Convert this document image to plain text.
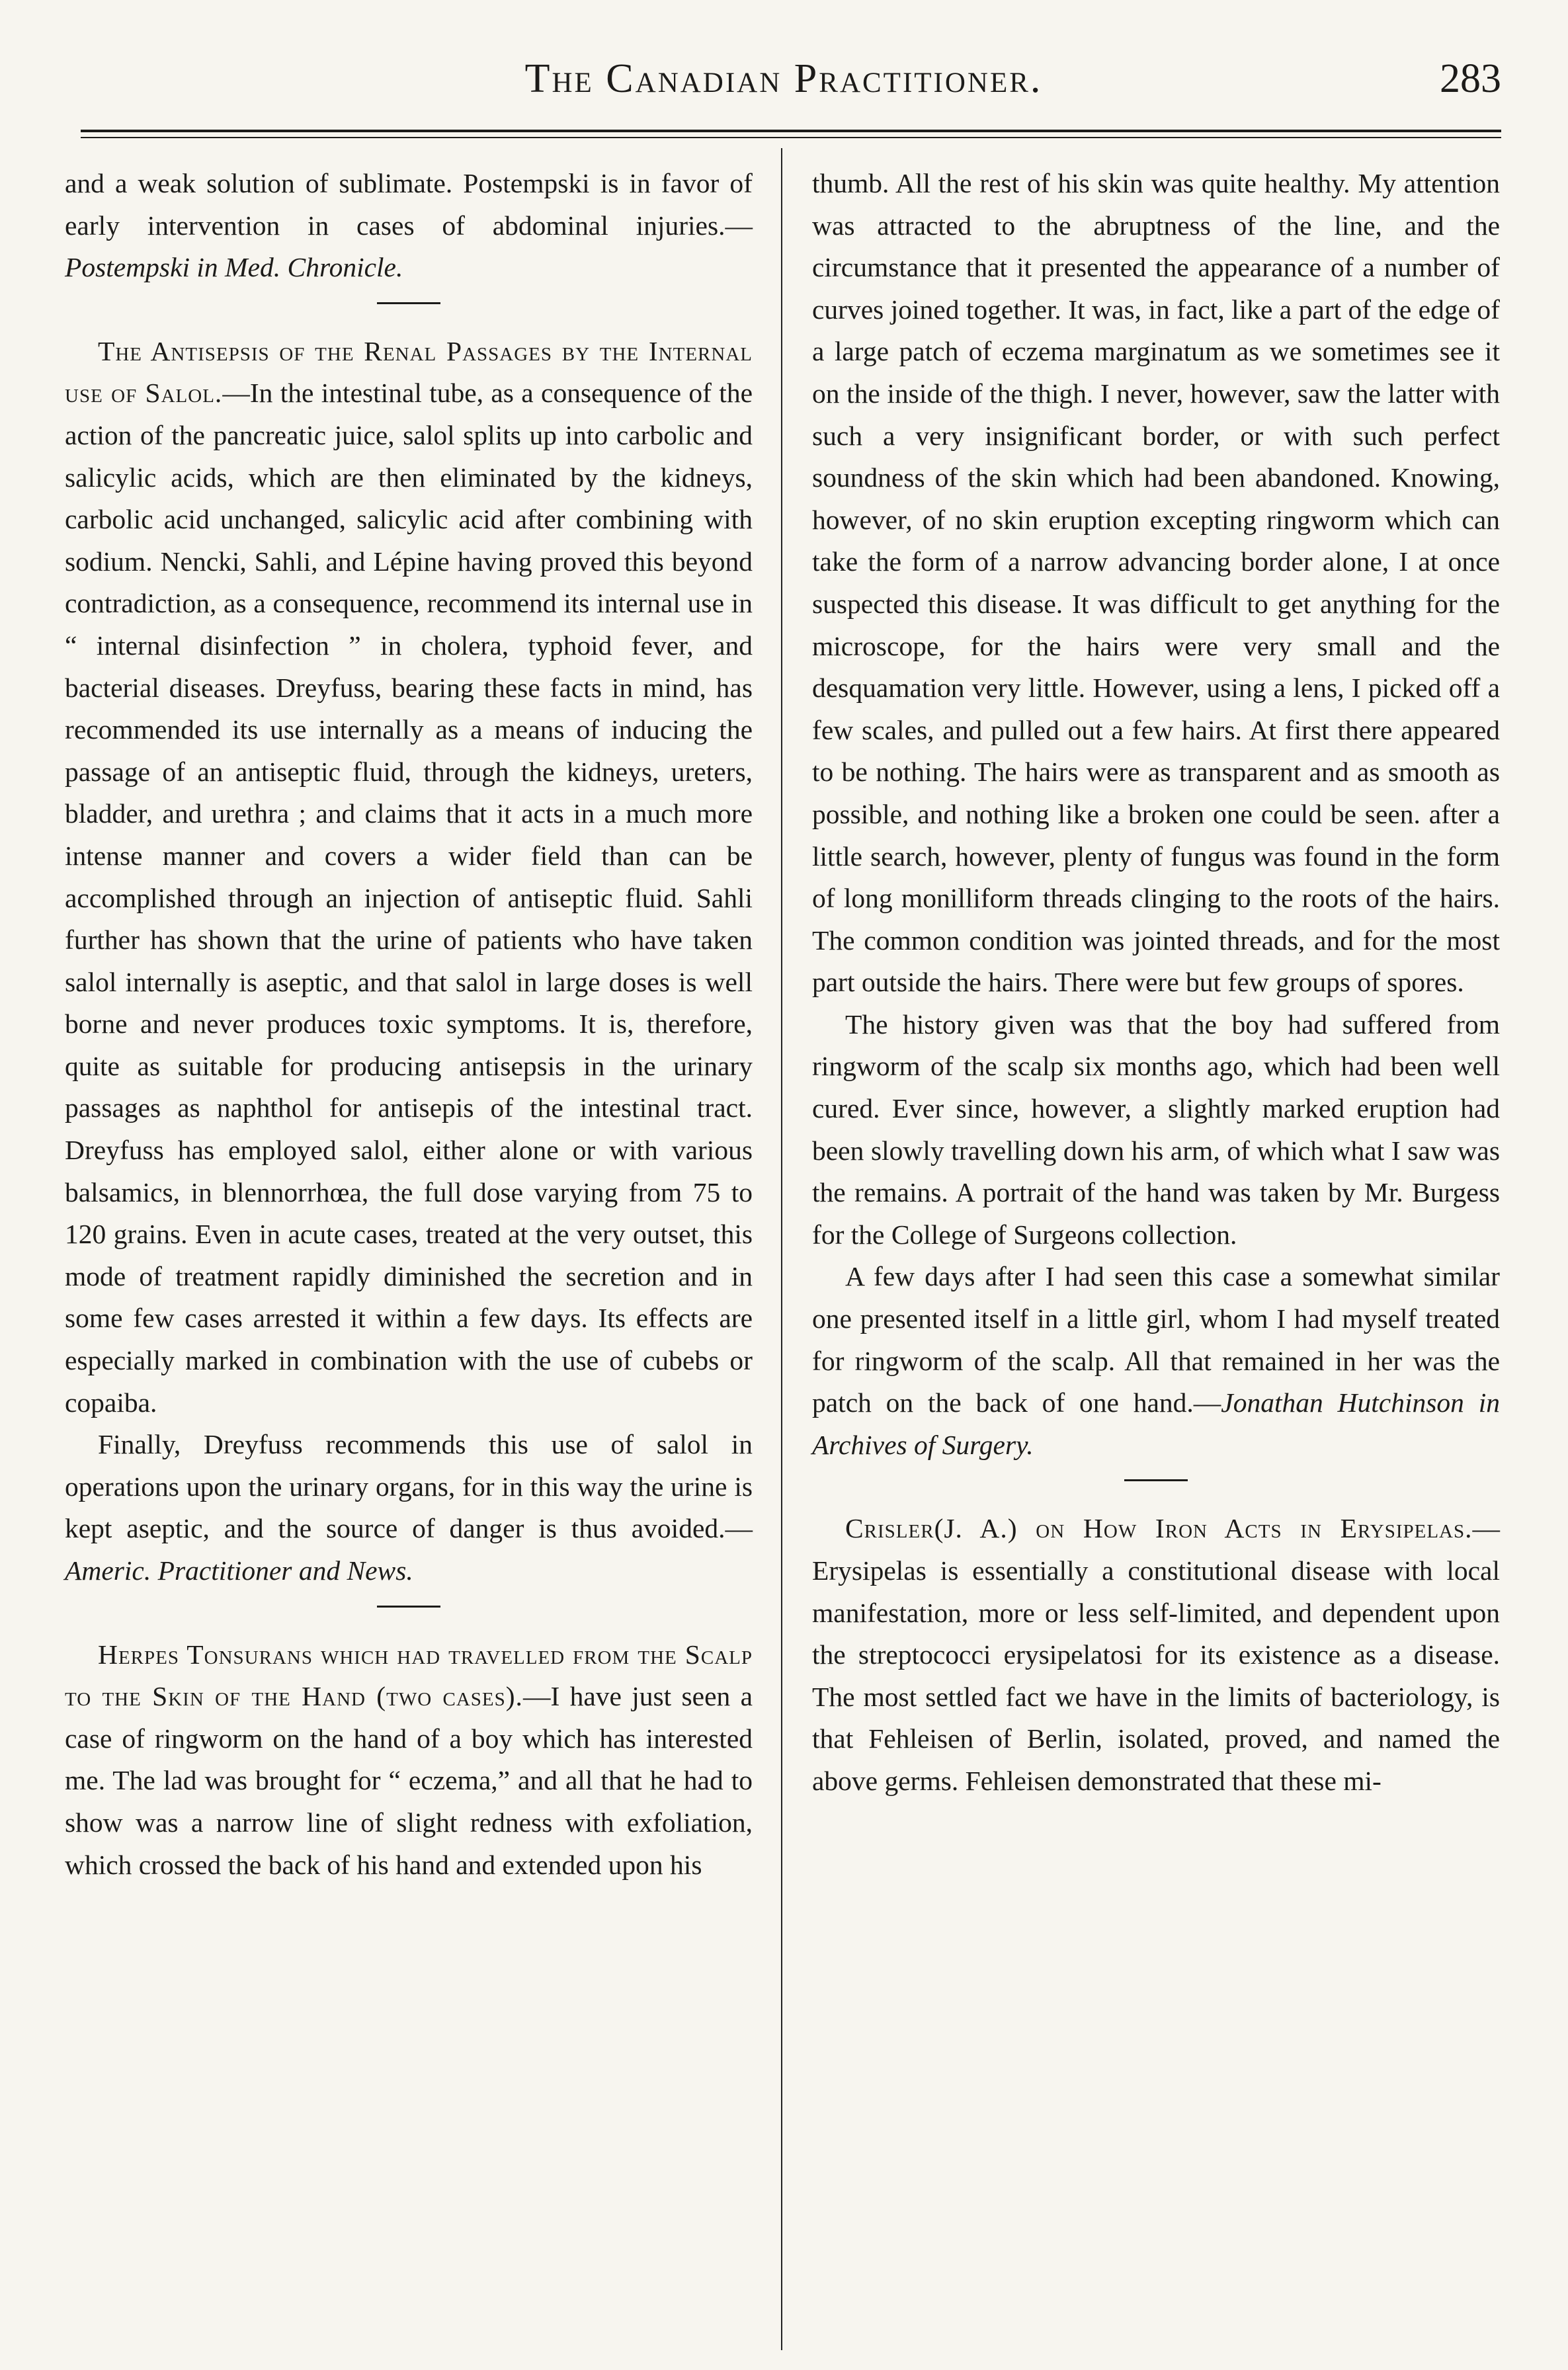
The Canadian Practitioner.	283

and a weak solution of sublimate. Postempski is in favor of early intervention in cases of abdominal injuries.—Postempski in Med. Chronicle.

The Antisepsis of the Renal Passages by the Internal use of Salol.—In the intestinal tube, as a consequence of the action of the pancreatic juice, salol splits up into carbolic and salicylic acids, which are then eliminated by the kidneys, carbolic acid unchanged, salicylic acid after combining with sodium. Nencki, Sahli, and Lépine having proved this beyond contradiction, as a consequence, recommend its internal use in “ internal disinfection ” in cholera, typhoid fever, and bacterial diseases. Dreyfuss, bearing these facts in mind, has recommended its use internally as a means of inducing the passage of an antiseptic fluid, through the kidneys, ureters, bladder, and urethra ; and claims that it acts in a much more intense manner and covers a wider field than can be accomplished through an injection of antiseptic fluid. Sahli further has shown that the urine of patients who have taken salol internally is aseptic, and that salol in large doses is well borne and never produces toxic symptoms. It is, therefore, quite as suitable for producing antisepsis in the urinary passages as naphthol for antisepis of the intestinal tract. Dreyfuss has employed salol, either alone or with various balsamics, in blennorrhœa, the full dose varying from 75 to 120 grains. Even in acute cases, treated at the very outset, this mode of treatment rapidly diminished the secretion and in some few cases arrested it within a few days. Its effects are especially marked in combination with the use of cubebs or copaiba.

Finally, Dreyfuss recommends this use of salol in operations upon the urinary organs, for in this way the urine is kept aseptic, and the source of danger is thus avoided.—Americ. Practitioner and News.

Herpes Tonsurans which had travelled from the Scalp to the Skin of the Hand (two cases).—I have just seen a case of ringworm on the hand of a boy which has interested me. The lad was brought for “ eczema,” and all that he had to show was a narrow line of slight redness with exfoliation, which crossed the back of his hand and extended upon his

thumb. All the rest of his skin was quite healthy. My attention was attracted to the abruptness of the line, and the circumstance that it presented the appearance of a number of curves joined together. It was, in fact, like a part of the edge of a large patch of eczema marginatum as we sometimes see it on the inside of the thigh. I never, however, saw the latter with such a very insignificant border, or with such perfect soundness of the skin which had been abandoned. Knowing, however, of no skin eruption excepting ringworm which can take the form of a narrow advancing border alone, I at once suspected this disease. It was difficult to get anything for the microscope, for the hairs were very small and the desquamation very little. However, using a lens, I picked off a few scales, and pulled out a few hairs. At first there appeared to be nothing. The hairs were as transparent and as smooth as possible, and nothing like a broken one could be seen. after a little search, however, plenty of fungus was found in the form of long monilliform threads clinging to the roots of the hairs. The common condition was jointed threads, and for the most part outside the hairs. There were but few groups of spores.

The history given was that the boy had suffered from ringworm of the scalp six months ago, which had been well cured. Ever since, however, a slightly marked eruption had been slowly travelling down his arm, of which what I saw was the remains. A portrait of the hand was taken by Mr. Burgess for the College of Surgeons collection.

A few days after I had seen this case a somewhat similar one presented itself in a little girl, whom I had myself treated for ringworm of the scalp. All that remained in her was the patch on the back of one hand.—Jonathan Hutchinson in Archives of Surgery.

Crisler(J. A.) on How Iron Acts in Erysipelas.—Erysipelas is essentially a constitutional disease with local manifestation, more or less self-limited, and dependent upon the streptococci erysipelatosi for its existence as a disease. The most settled fact we have in the limits of bacteriology, is that Fehleisen of Berlin, isolated, proved, and named the above germs. Fehleisen demonstrated that these mi-
